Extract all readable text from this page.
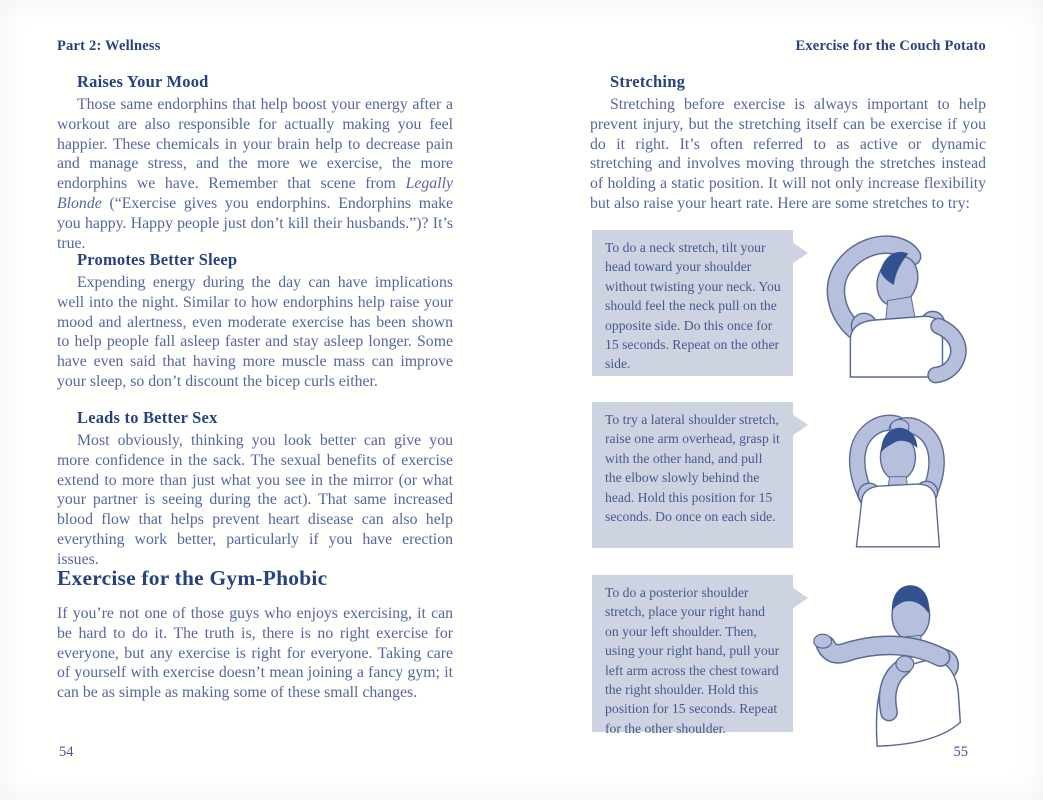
Part 2: Wellness
Raises Your Mood

Those same endorphins that help boost your energy after a workout are also responsible for actually making you feel happier. These chemicals in your brain help to decrease pain and manage stress, and the more we exercise, the more endorphins we have. Remember that scene from Legally Blonde (“Exercise gives you endorphins. Endorphins make you happy. Happy people just don’t kill their husbands.”)? It’s true.

Promotes Better Sleep

Expending energy during the day can have implications well into the night. Similar to how endorphins help raise your mood and alertness, even moderate exercise has been shown to help people fall asleep faster and stay asleep longer. Some have even said that having more muscle mass can improve your sleep, so don’t discount the bicep curls either.

Leads to Better Sex

Most obviously, thinking you look better can give you more confidence in the sack. The sexual benefits of exercise extend to more than just what you see in the mirror (or what your partner is seeing during the act). That same increased blood flow that helps prevent heart disease can also help everything work better, particularly if you have erection issues.

Exercise for the Gym-Phobic

If you’re not one of those guys who enjoys exercising, it can be hard to do it. The truth is, there is no right exercise for everyone, but any exercise is right for everyone. Taking care of yourself with exercise doesn’t mean joining a fancy gym; it can be as simple as making some of these small changes.

54
Exercise for the Couch Potato
Stretching

Stretching before exercise is always important to help prevent injury, but the stretching itself can be exercise if you do it right. It’s often referred to as active or dynamic stretching and involves moving through the stretches instead of holding a static position. It will not only increase flexibility but also raise your heart rate. Here are some stretches to try:

To do a neck stretch, tilt your head toward your shoulder without twisting your neck. You should feel the neck pull on the opposite side. Do this once for 15 seconds. Repeat on the other side.

To try a lateral shoulder stretch, raise one arm overhead, grasp it with the other hand, and pull the elbow slowly behind the head. Hold this position for 15 seconds. Do once on each side.

To do a posterior shoulder stretch, place your right hand on your left shoulder. Then, using your right hand, pull your left arm across the chest toward the right shoulder. Hold this position for 15 seconds. Repeat for the other shoulder.

55
